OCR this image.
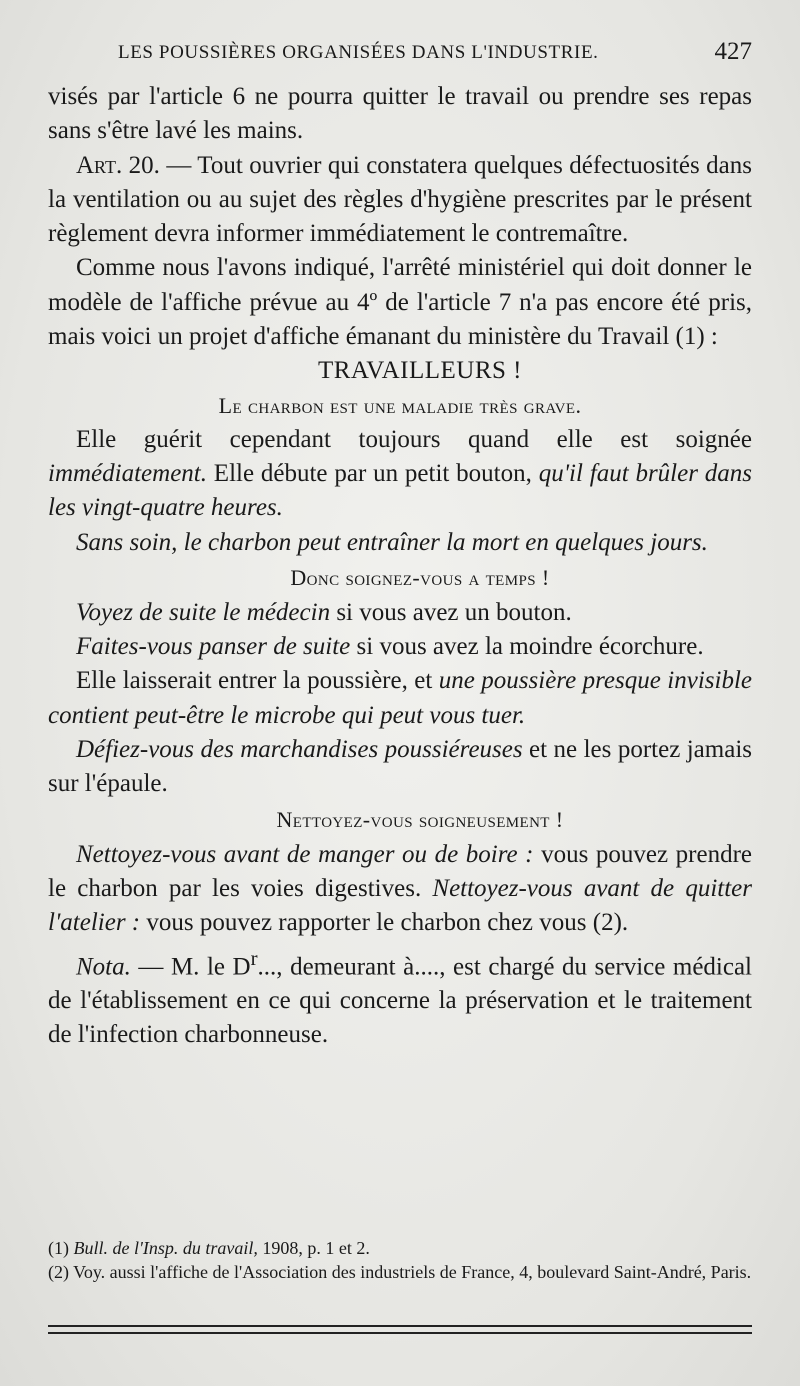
LES POUSSIÈRES ORGANISÉES DANS L'INDUSTRIE.	427

visés par l'article 6 ne pourra quitter le travail ou prendre ses repas sans s'être lavé les mains.

Art. 20. — Tout ouvrier qui constatera quelques défectuosités dans la ventilation ou au sujet des règles d'hygiène prescrites par le présent règlement devra informer immédiatement le contremaître.

Comme nous l'avons indiqué, l'arrêté ministériel qui doit donner le modèle de l'affiche prévue au 4º de l'article 7 n'a pas encore été pris, mais voici un projet d'affiche émanant du ministère du Travail (1) :

TRAVAILLEURS !

Le charbon est une maladie très grave.

Elle guérit cependant toujours quand elle est soignée immédiatement. Elle débute par un petit bouton, qu'il faut brûler dans les vingt-quatre heures.

Sans soin, le charbon peut entraîner la mort en quelques jours.

Donc soignez-vous a temps !

Voyez de suite le médecin si vous avez un bouton.

Faites-vous panser de suite si vous avez la moindre écorchure.

Elle laisserait entrer la poussière, et une poussière presque invisible contient peut-être le microbe qui peut vous tuer.

Défiez-vous des marchandises poussiéreuses et ne les portez jamais sur l'épaule.

Nettoyez-vous soigneusement !

Nettoyez-vous avant de manger ou de boire : vous pouvez prendre le charbon par les voies digestives. Nettoyez-vous avant de quitter l'atelier : vous pouvez rapporter le charbon chez vous (2).

Nota. — M. le $D^r$..., demeurant à...., est chargé du service médical de l'établissement en ce qui concerne la préservation et le traitement de l'infection charbonneuse.

(1) Bull. de l'Insp. du travail, 1908, p. 1 et 2.

(2) Voy. aussi l'affiche de l'Association des industriels de France, 4, boulevard Saint-André, Paris.
